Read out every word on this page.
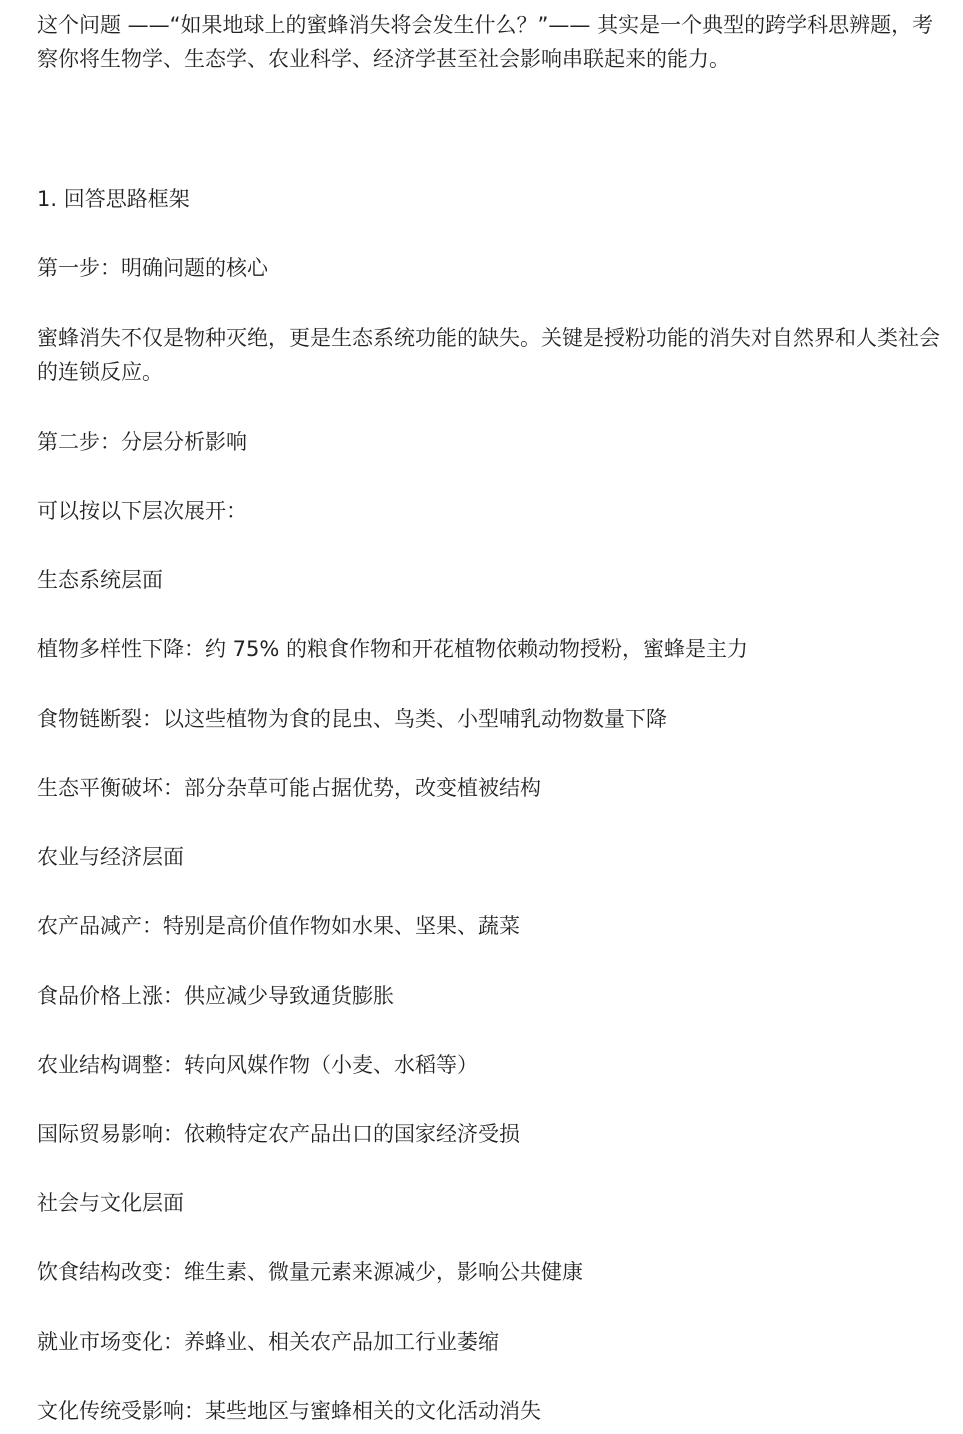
这个问题 ——“如果地球上的蜜蜂消失将会发生什么？”—— 其实是一个典型的跨学科思辨题，考察你将生物学、生态学、农业科学、经济学甚至社会影响串联起来的能力。

1. 回答思路框架

第一步：明确问题的核心

蜜蜂消失不仅是物种灭绝，更是生态系统功能的缺失。关键是授粉功能的消失对自然界和人类社会的连锁反应。

第二步：分层分析影响

可以按以下层次展开：

生态系统层面

植物多样性下降：约 75% 的粮食作物和开花植物依赖动物授粉，蜜蜂是主力

食物链断裂：以这些植物为食的昆虫、鸟类、小型哺乳动物数量下降

生态平衡破坏：部分杂草可能占据优势，改变植被结构

农业与经济层面

农产品减产：特别是高价值作物如水果、坚果、蔬菜

食品价格上涨：供应减少导致通货膨胀

农业结构调整：转向风媒作物（小麦、水稻等）

国际贸易影响：依赖特定农产品出口的国家经济受损

社会与文化层面

饮食结构改变：维生素、微量元素来源减少，影响公共健康

就业市场变化：养蜂业、相关农产品加工行业萎缩

文化传统受影响：某些地区与蜜蜂相关的文化活动消失
